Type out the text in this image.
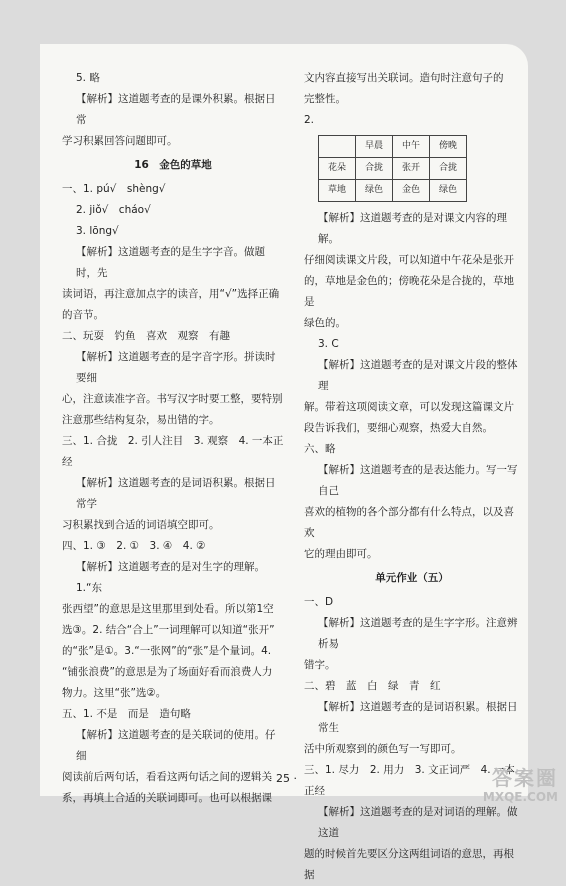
5. 略

【解析】这道题考查的是课外积累。根据日常

学习积累回答问题即可。

16　金色的草地

一、1. pú√　shèng√

2. jiǒ√　cháo√

3. lōng√

【解析】这道题考查的是生字字音。做题时，先

读词语，再注意加点字的读音，用“√”选择正确

的音节。

二、玩耍　钓鱼　喜欢　观察　有趣

【解析】这道题考查的是字音字形。拼读时要细

心，注意读准字音。书写汉字时要工整，要特别

注意那些结构复杂，易出错的字。

三、1. 合拢　2. 引人注目　3. 观察　4. 一本正经

【解析】这道题考查的是词语积累。根据日常学

习积累找到合适的词语填空即可。

四、1. ③　2. ①　3. ④　4. ②

【解析】这道题考查的是对生字的理解。1.“东

张西望”的意思是这里那里到处看。所以第1空

选③。2. 结合“合上”一词理解可以知道“张开”

的“张”是①。3.“一张网”的“张”是个量词。4.

“铺张浪费”的意思是为了场面好看而浪费人力

物力。这里“张”选②。

五、1. 不是　而是　造句略

【解析】这道题考查的是关联词的使用。仔细

阅读前后两句话，看看这两句话之间的逻辑关

系，再填上合适的关联词即可。也可以根据课

文内容直接写出关联词。造句时注意句子的

完整性。

2.

	早晨	中午	傍晚
花朵	合拢	张开	合拢
草地	绿色	金色	绿色

【解析】这道题考查的是对课文内容的理解。

仔细阅读课文片段，可以知道中午花朵是张开

的，草地是金色的；傍晚花朵是合拢的，草地是

绿色的。

3. C

【解析】这道题考查的是对课文片段的整体理

解。带着这项阅读文章，可以发现这篇课文片

段告诉我们，要细心观察，热爱大自然。

六、略

【解析】这道题考查的是表达能力。写一写自己

喜欢的植物的各个部分都有什么特点，以及喜欢

它的理由即可。

单元作业（五）

一、D

【解析】这道题考查的是生字字形。注意辨析易

错字。

二、碧　蓝　白　绿　青　红

【解析】这道题考查的是词语积累。根据日常生

活中所观察到的颜色写一写即可。

三、1. 尽力　2. 用力　3. 文正词严　4. 一本正经

【解析】这道题考查的是对词语的理解。做这道

题的时候首先要区分这两组词语的意思，再根据

· 25 ·	答案圈
MXQE.COM
